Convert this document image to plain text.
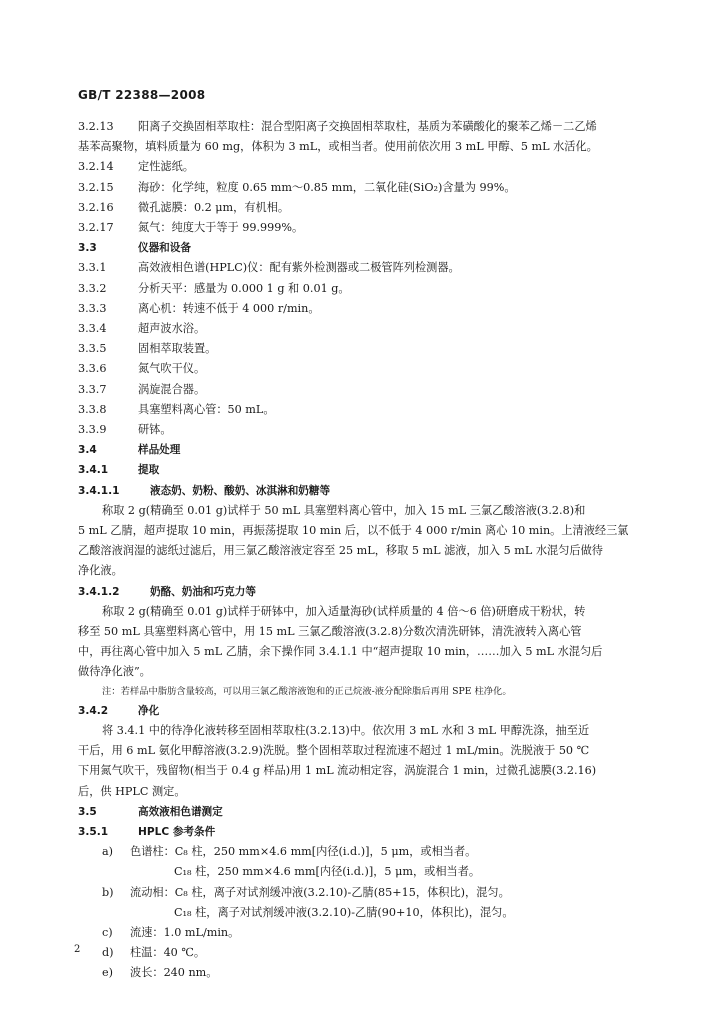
GB/T 22388—2008
3.2.13 阳离子交换固相萃取柱：混合型阳离子交换固相萃取柱，基质为苯磺酸化的聚苯乙烯－二乙烯
基苯高聚物，填料质量为 60 mg，体积为 3 mL，或相当者。使用前依次用 3 mL 甲醇、5 mL 水活化。
3.2.14 定性滤纸。
3.2.15 海砂：化学纯，粒度 0.65 mm～0.85 mm，二氧化硅(SiO₂)含量为 99%。
3.2.16 微孔滤膜：0.2 μm，有机相。
3.2.17 氮气：纯度大于等于 99.999%。
3.3	仪器和设备
3.3.1	高效液相色谱(HPLC)仪：配有紫外检测器或二极管阵列检测器。
3.3.2	分析天平：感量为 0.000 1 g 和 0.01 g。
3.3.3	离心机：转速不低于 4 000 r/min。
3.3.4	超声波水浴。
3.3.5	固相萃取装置。
3.3.6	氮气吹干仪。
3.3.7	涡旋混合器。
3.3.8	具塞塑料离心管：50 mL。
3.3.9	研钵。
3.4	样品处理
3.4.1	提取
3.4.1.1	液态奶、奶粉、酸奶、冰淇淋和奶糖等
称取 2 g(精确至 0.01 g)试样于 50 mL 具塞塑料离心管中，加入 15 mL 三氯乙酸溶液(3.2.8)和
5 mL 乙腈，超声提取 10 min，再振荡提取 10 min 后，以不低于 4 000 r/min 离心 10 min。上清液经三氯
乙酸溶液润湿的滤纸过滤后，用三氯乙酸溶液定容至 25 mL，移取 5 mL 滤液，加入 5 mL 水混匀后做待
净化液。
3.4.1.2	奶酪、奶油和巧克力等
称取 2 g(精确至 0.01 g)试样于研钵中，加入适量海砂(试样质量的 4 倍～6 倍)研磨成干粉状，转
移至 50 mL 具塞塑料离心管中，用 15 mL 三氯乙酸溶液(3.2.8)分数次清洗研钵，清洗液转入离心管
中，再往离心管中加入 5 mL 乙腈，余下操作同 3.4.1.1 中“超声提取 10 min，……加入 5 mL 水混匀后
做待净化液”。
注：若样品中脂肪含量较高，可以用三氯乙酸溶液饱和的正己烷液-液分配除脂后再用 SPE 柱净化。
3.4.2	净化
将 3.4.1 中的待净化液转移至固相萃取柱(3.2.13)中。依次用 3 mL 水和 3 mL 甲醇洗涤，抽至近
干后，用 6 mL 氨化甲醇溶液(3.2.9)洗脱。整个固相萃取过程流速不超过 1 mL/min。洗脱液于 50 ℃
下用氮气吹干，残留物(相当于 0.4 g 样品)用 1 mL 流动相定容，涡旋混合 1 min，过微孔滤膜(3.2.16)
后，供 HPLC 测定。
3.5	高效液相色谱测定
3.5.1	HPLC 参考条件
a) 色谱柱：C₈ 柱，250 mm×4.6 mm[内径(i.d.)]，5 μm，或相当者。
C₁₈ 柱，250 mm×4.6 mm[内径(i.d.)]，5 μm，或相当者。
b) 流动相：C₈ 柱，离子对试剂缓冲液(3.2.10)-乙腈(85+15，体积比)，混匀。
C₁₈ 柱，离子对试剂缓冲液(3.2.10)-乙腈(90+10，体积比)，混匀。
c) 流速：1.0 mL/min。
d) 柱温：40 ℃。
e) 波长：240 nm。
2
